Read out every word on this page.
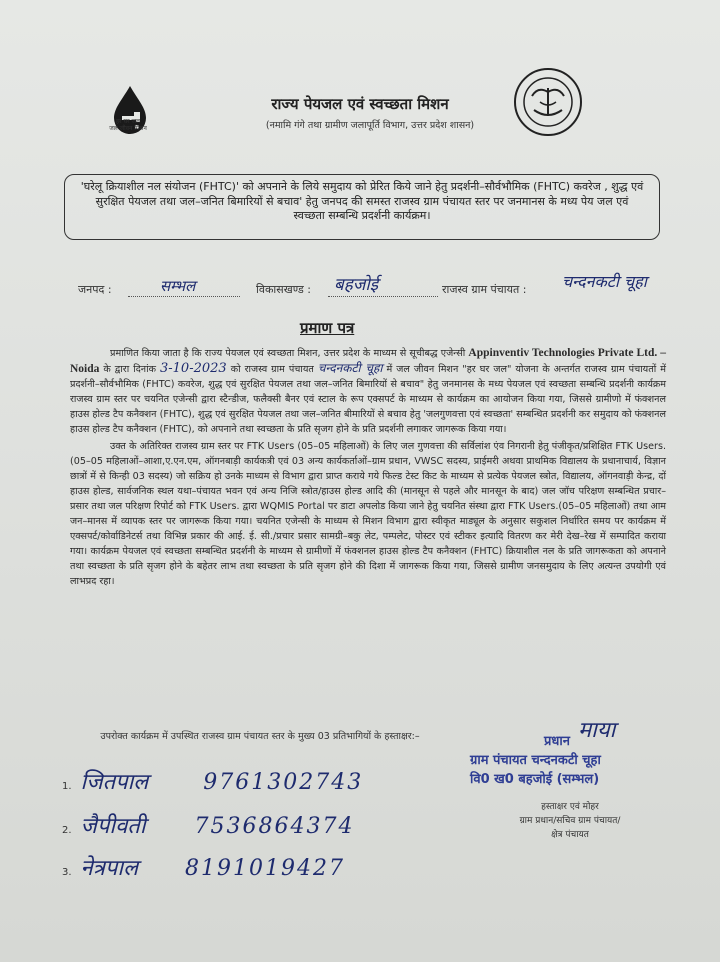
हर घर जल
जल जीवन मिशन
राज्य पेयजल एवं स्वच्छता मिशन
(नमामि गंगे तथा ग्रामीण जलापूर्ति विभाग, उत्तर प्रदेश शासन)
'घरेलू क्रियाशील नल संयोजन (FHTC)' को अपनाने के लिये समुदाय को प्रेरित किये जाने हेतु प्रदर्शनी–सौर्वभौमिक (FHTC) कवरेज , शुद्ध एवं सुरक्षित पेयजल तथा जल–जनित बिमारियों से बचाव' हेतु जनपद की समस्त राजस्व ग्राम पंचायत स्तर पर जनमानस के मध्य पेय जल एवं स्वच्छता सम्बन्धि प्रदर्शनी कार्यक्रम।
जनपद :	सम्भल	विकासखण्ड : बहजोई	राजस्व ग्राम पंचायत : चन्दनकटी चूहा
प्रमाण पत्र

प्रमाणित किया जाता है कि राज्य पेयजल एवं स्वच्छता मिशन, उत्तर प्रदेश के माध्यम से सूचीबद्ध एजेन्सी Appinventiv Technologies Private Ltd. – Noida के द्वारा दिनांक 3-10-2023 को राजस्व ग्राम पंचायत चन्दनकटी चूहा में जल जीवन मिशन "हर घर जल" योजना के अन्तर्गत राजस्व ग्राम पंचायतों में प्रदर्शनी–सौर्वभौमिक (FHTC) कवरेज, शुद्ध एवं सुरक्षित पेयजल तथा जल–जनित बिमारियों से बचाव" हेतु जनमानस के मध्य पेयजल एवं स्वच्छता सम्बन्धि प्रदर्शनी कार्यक्रम राजस्व ग्राम स्तर पर चयनित एजेन्सी द्वारा स्टैन्डीज, फलैक्सी बैनर एवं स्टाल के रूप एक्सपर्ट के माध्यम से कार्यक्रम का आयोजन किया गया, जिससे ग्रामीणो में फंक्शनल हाउस होल्ड टैप कनैक्शन (FHTC), शुद्ध एवं सुरक्षित पेयजल तथा जल–जनित बीमारियों से बचाव हेतु 'जलगुणवत्ता एवं स्वच्छता' सम्बन्धित प्रदर्शनी कर समुदाय को फंक्शनल हाउस होल्ड टैप कनैक्शन (FHTC), को अपनाने तथा स्वच्छता के प्रति सृजग होने के प्रति प्रदर्शनी लगाकर जागरूक किया गया।

उक्त के अतिरिक्त राजस्व ग्राम स्तर पर FTK Users (05–05 महिलाओं) के लिए जल गुणवत्ता की सर्विलांश एंव निगरानी हेतु पंजीकृत/प्रशिक्षित FTK Users.(05–05 महिलाओं–आशा,ए.एन.एम, ऑगनबाड़ी कार्यकत्री एवं 03 अन्य कार्यकर्ताओं–ग्राम प्रधान, VWSC सदस्य, प्राईमरी अथवा प्राथमिक विद्यालय के प्रधानाचार्य, विज्ञान छात्रों में से किन्ही 03 सदस्य) जो सक्रिय हो उनके माध्यम से विभाग द्वारा प्राप्त कराये गये फिल्ड टेस्ट किट के माध्यम से प्रत्येक पेयजल स्त्रोत, विद्यालय, ऑगनवाड़ी केन्द्र, दों हाउस होल्ड, सार्वजनिक स्थल यथा–पंचायत भवन एवं अन्य निजि स्त्रोत/हाउस होल्ड आदि की (मानसून से पहले और मानसून के बाद) जल जॉच परिक्षण सम्बन्धित प्रचार–प्रसार तथा जल परिक्षण रिपोर्ट को FTK Users. द्वारा WQMIS Portal पर डाटा अपलोड किया जाने हेतु चयनित संस्था द्वारा FTK Users.(05–05 महिलाओं) तथा आम जन–मानस में व्यापक स्तर पर जागरूक किया गया। चयनित एजेन्सी के माध्यम से मिशन विभाग द्वारा स्वीकृत माड्यूल के अनुसार सकुशल निर्धारित समय पर कार्यक्रम में एक्सपर्ट/कोर्वाडिनेटर्स तथा विभिन्न प्रकार की आई. ई. सी./प्रचार प्रसार सामग्री–बकु लेट, पम्पलेट, पोस्टर एवं स्टीकर इत्यादि वितरण कर मेरी देख–रेख में सम्पादित कराया गया। कार्यक्रम पेयजल एवं स्वच्छता सम्बन्धित प्रदर्शनी के माध्यम से ग्रामीणों में फंक्शनल हाउस होल्ड टैप कनैक्शन (FHTC) क्रियाशील नल के प्रति जागरूकता को अपनाने तथा स्वच्छता के प्रति सृजग होने के बहेतर लाभ तथा स्वच्छता के प्रति सृजग होने की दिशा में जागरूक किया गया, जिससे ग्रामीण जनसमुदाय के लिए अत्यन्त उपयोगी एवं लाभप्रद रहा।

उपरोक्त कार्यक्रम में उपस्थित राजस्व ग्राम पंचायत स्तर के मुख्य 03 प्रतिभागियों के हस्ताक्षर:–
1. जितपाल	9761302743
2. जैपीवती 7536864374
3. नेत्रपाल 8191019427
माया
प्रधान
ग्राम पंचायत चन्दनकटी चूहा
वि0 ख0 बहजोई (सम्भल)
हस्ताक्षर एवं मोहर
ग्राम प्रधान/सचिव ग्राम पंचायत/
क्षेत्र पंचायत
